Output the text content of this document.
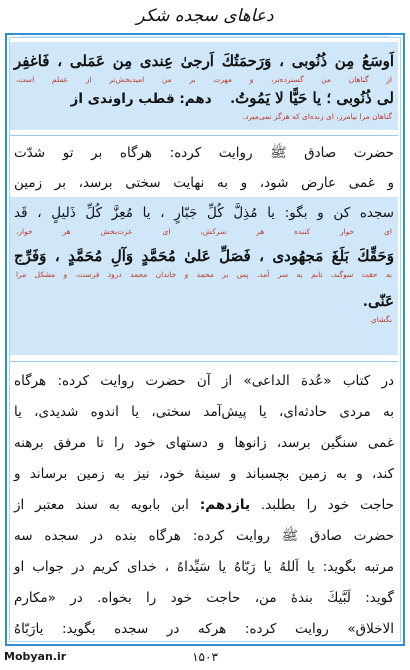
دعاهای سجده شکر
اَوسَعُ مِن ذُنُوبى ، وَرَحمَتُكَ اَرجىٰ عِندى مِن عَمَلى ، فَاغفِر
از گناهان من گسترده‌تر، و مهرت بر من امیدبخش‌تر از عملم است،
لى ذُنُوبى ؛ يا حَيًّا لا يَمُوتُ. دهم: قطب راوندی از
گناهان مرا بیامرز، ای زنده‌ای که هرگز نمی‌میرد.
حضرت صادق ﷺ روایت کرده: هرگاه بر تو شدّت
و غمی عارض شود، و به نهایت سختی برسد، بر زمین
سجده کن و بگو: يا مُذِلَّ كُلِّ جَبّارٍ ، يا مُعِزَّ كُلِّ ذَليلٍ ، قَد
ای خوار کننده هر سرکش، ای عزت‌بخش هر خوار،
وَحَقِّكَ بَلَغَ مَجهُودى ، فَصَلِّ عَلىٰ مُحَمَّدٍ وَآلِ مُحَمَّدٍ ، وَفَرِّج
به حقت سوگند، تابم به سر آمد، پس بر محمد و خاندان محمد درود فرست، و مشکل مرا
عَنّى.
بگشای
در کتاب «عُدة الداعی» از آن حضرت روایت کرده: هرگاه
به مردی حادثه‌ای، یا پیش‌آمد سختی، یا اندوه شدیدی، یا
غمی سنگین برسد، زانوها و دستهای خود را تا مرفق برهنه
کند، و به زمین بچسباند و سینهٔ خود، نیز به زمین برساند و
حاجت خود را بطلبد. یازدهم: ابن بابویه به سند معتبر از
حضرت صادق ﷺ روایت کرده: هرگاه بنده در سجده سه
مرتبه بگوید: يا اَللهُ يا رَبّاهُ يا سَيِّداهُ ، خدای کریم در جواب او
گوید: لَبَّيكَ بندهٔ من، حاجت خود را بخواه. در «مکارم
الاخلاق» روایت کرده: هرکه در سجده بگوید: يارَبّاهُ
Mobyan.ir	۱۵۰۳
